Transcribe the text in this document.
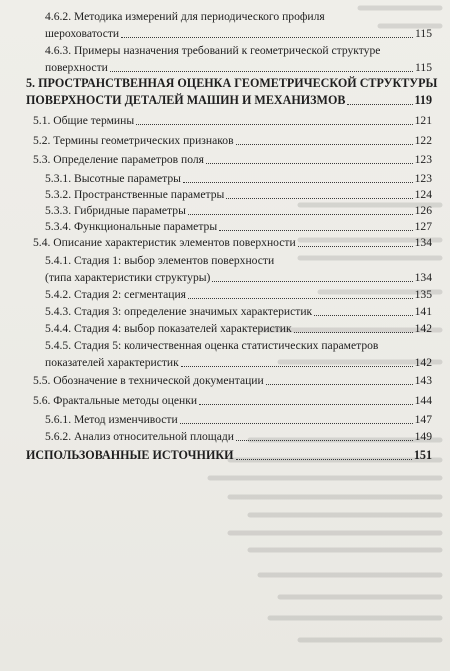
4.6.2. Методика измерений для периодического профиля
шероховатости	115
4.6.3. Примеры назначения требований к геометрической структуре
поверхности	115
5. ПРОСТРАНСТВЕННАЯ ОЦЕНКА ГЕОМЕТРИЧЕСКОЙ СТРУКТУРЫ
ПОВЕРХНОСТИ ДЕТАЛЕЙ МАШИН И МЕХАНИЗМОВ	119
5.1. Общие термины	121
5.2. Термины геометрических признаков	122
5.3. Определение параметров поля	123
5.3.1. Высотные параметры	123
5.3.2. Пространственные параметры	124
5.3.3. Гибридные параметры	126
5.3.4. Функциональные параметры	127
5.4. Описание характеристик элементов поверхности	134
5.4.1. Стадия 1: выбор элементов поверхности
(типа характеристики структуры)	134
5.4.2. Стадия 2: сегментация	135
5.4.3. Стадия 3: определение значимых характеристик	141
5.4.4. Стадия 4: выбор показателей характеристик	142
5.4.5. Стадия 5: количественная оценка статистических параметров
показателей характеристик	142
5.5. Обозначение в технической документации	143
5.6. Фрактальные методы оценки	144
5.6.1. Метод изменчивости	147
5.6.2. Анализ относительной площади	149
ИСПОЛЬЗОВАННЫЕ ИСТОЧНИКИ	151
